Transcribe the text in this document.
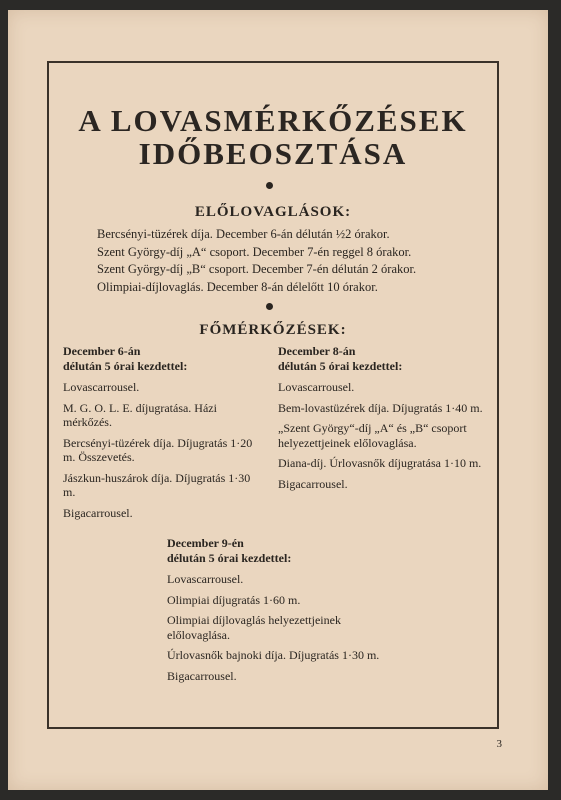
A LOVASMÉRKŐZÉSEK
IDŐBEOSZTÁSA
ELŐLOVAGLÁSOK:
Bercsényi-tüzérek díja. December 6-án délután ½2 órakor.
Szent György-díj „A“ csoport. December 7-én reggel 8 órakor.
Szent György-díj „B“ csoport. December 7-én délután 2 órakor.
Olimpiai-díjlovaglás. December 8-án délelőtt 10 órakor.
FŐMÉRKŐZÉSEK:
December 6-án
délután 5 órai kezdettel:
Lovascarrousel.
M. G. O. L. E. díjugratása. Házi mérkőzés.
Bercsényi-tüzérek díja. Díjugratás 1·20 m. Összevetés.
Jászkun-huszárok díja. Díjugratás 1·30 m.
Bigacarrousel.
December 8-án
délután 5 órai kezdettel:
Lovascarrousel.
Bem-lovastüzérek díja. Díjugratás 1·40 m.
„Szent György“-díj „A“ és „B“ csoport helyezettjeinek előlovaglása.
Diana-díj. Úrlovasnők díjugratása 1·10 m.
Bigacarrousel.
December 9-én
délután 5 órai kezdettel:
Lovascarrousel.
Olimpiai díjugratás 1·60 m.
Olimpiai díjlovaglás helyezettjeinek előlovaglása.
Úrlovasnők bajnoki díja. Díjugratás 1·30 m.
Bigacarrousel.
3
